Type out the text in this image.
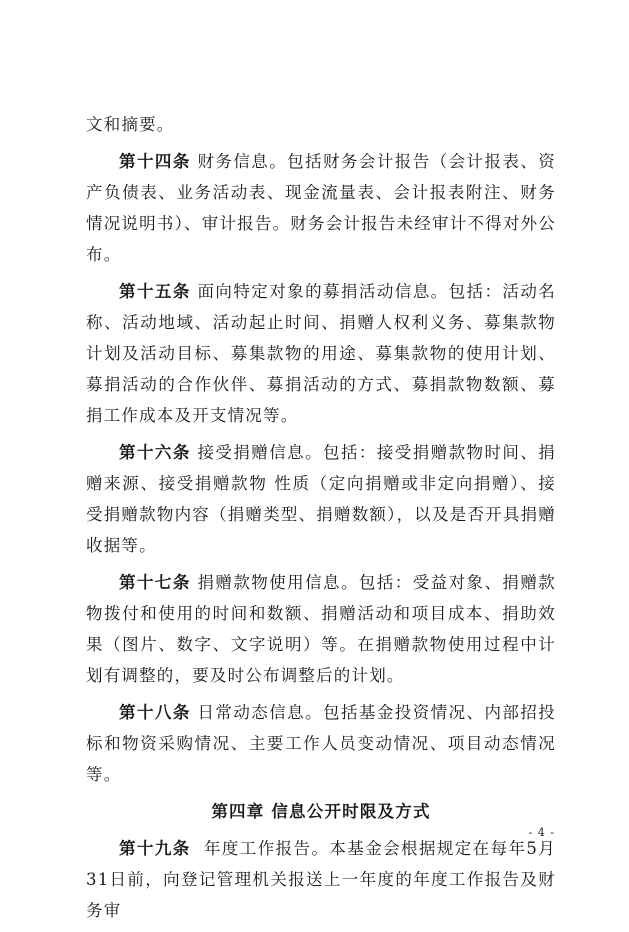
文和摘要。

第十四条 财务信息。包括财务会计报告（会计报表、资产负债表、业务活动表、现金流量表、会计报表附注、财务情况说明书）、审计报告。财务会计报告未经审计不得对外公布。

第十五条 面向特定对象的募捐活动信息。包括：活动名称、活动地域、活动起止时间、捐赠人权利义务、募集款物计划及活动目标、募集款物的用途、募集款物的使用计划、募捐活动的合作伙伴、募捐活动的方式、募捐款物数额、募捐工作成本及开支情况等。

第十六条 接受捐赠信息。包括：接受捐赠款物时间、捐赠来源、接受捐赠款物 性质（定向捐赠或非定向捐赠）、接受捐赠款物内容（捐赠类型、捐赠数额），以及是否开具捐赠收据等。

第十七条 捐赠款物使用信息。包括：受益对象、捐赠款物拨付和使用的时间和数额、捐赠活动和项目成本、捐助效果（图片、数字、文字说明）等。在捐赠款物使用过程中计划有调整的，要及时公布调整后的计划。

第十八条 日常动态信息。包括基金投资情况、内部招投标和物资采购情况、主要工作人员变动情况、项目动态情况等。

第四章 信息公开时限及方式

第十九条 年度工作报告。本基金会根据规定在每年5月31日前，向登记管理机关报送上一年度的年度工作报告及财务审

- 4 -
